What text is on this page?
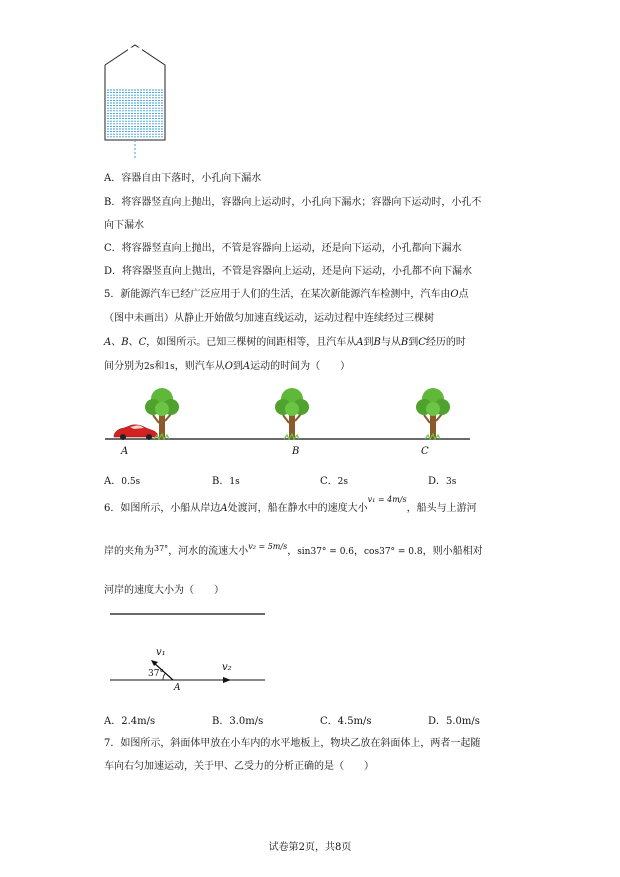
A．容器自由下落时，小孔向下漏水
B．将容器竖直向上抛出，容器向上运动时，小孔向下漏水；容器向下运动时，小孔不
向下漏水
C．将容器竖直向上抛出，不管是容器向上运动，还是向下运动，小孔都向下漏水
D．将容器竖直向上抛出，不管是容器向上运动，还是向下运动，小孔都不向下漏水
5．新能源汽车已经广泛应用于人们的生活，在某次新能源汽车检测中，汽车由O点
（图中未画出）从静止开始做匀加速直线运动，运动过程中连续经过三棵树
A、B、C，如图所示。已知三棵树的间距相等，且汽车从A到B与从B到C经历的时
间分别为2s和1s，则汽车从O到A运动的时间为（　　）
A	B	C
A．0.5s	B．1s	C．2s	D．3s
6．如图所示，小船从岸边A处渡河，船在静水中的速度大小$^{v_1 = 4m/s}$，船头与上游河
岸的夹角为$^{37^\circ}$，河水的流速大小$^{v_2 = 5m/s}$，sin37° = 0.6，cos37° = 0.8，则小船相对
河岸的速度大小为（　　）
v₁
v₂
37°
A
A．2.4m/s	B．3.0m/s	C．4.5m/s	D．5.0m/s
7．如图所示，斜面体甲放在小车内的水平地板上，物块乙放在斜面体上，两者一起随
车向右匀加速运动，关于甲、乙受力的分析正确的是（　　）
试卷第2页，共8页
